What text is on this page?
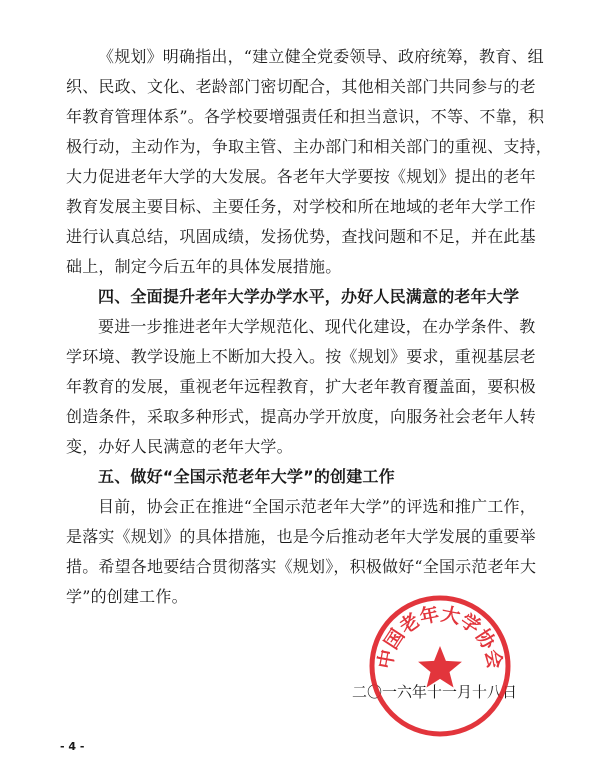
《规划》明确指出，“建立健全党委领导、政府统筹，教育、组
织、民政、文化、老龄部门密切配合，其他相关部门共同参与的老
年教育管理体系”。各学校要增强责任和担当意识，不等、不靠，积
极行动，主动作为，争取主管、主办部门和相关部门的重视、支持，
大力促进老年大学的大发展。各老年大学要按《规划》提出的老年
教育发展主要目标、主要任务，对学校和所在地域的老年大学工作
进行认真总结，巩固成绩，发扬优势，查找问题和不足，并在此基
础上，制定今后五年的具体发展措施。
四、全面提升老年大学办学水平，办好人民满意的老年大学
要进一步推进老年大学规范化、现代化建设，在办学条件、教
学环境、教学设施上不断加大投入。按《规划》要求，重视基层老
年教育的发展，重视老年远程教育，扩大老年教育覆盖面，要积极
创造条件，采取多种形式，提高办学开放度，向服务社会老年人转
变，办好人民满意的老年大学。
五、做好“全国示范老年大学”的创建工作
目前，协会正在推进“全国示范老年大学”的评选和推广工作，
是落实《规划》的具体措施，也是今后推动老年大学发展的重要举
措。希望各地要结合贯彻落实《规划》，积极做好“全国示范老年大
学”的创建工作。
二〇一六年十一月十八日
中国老年大学协会
- 4 -
